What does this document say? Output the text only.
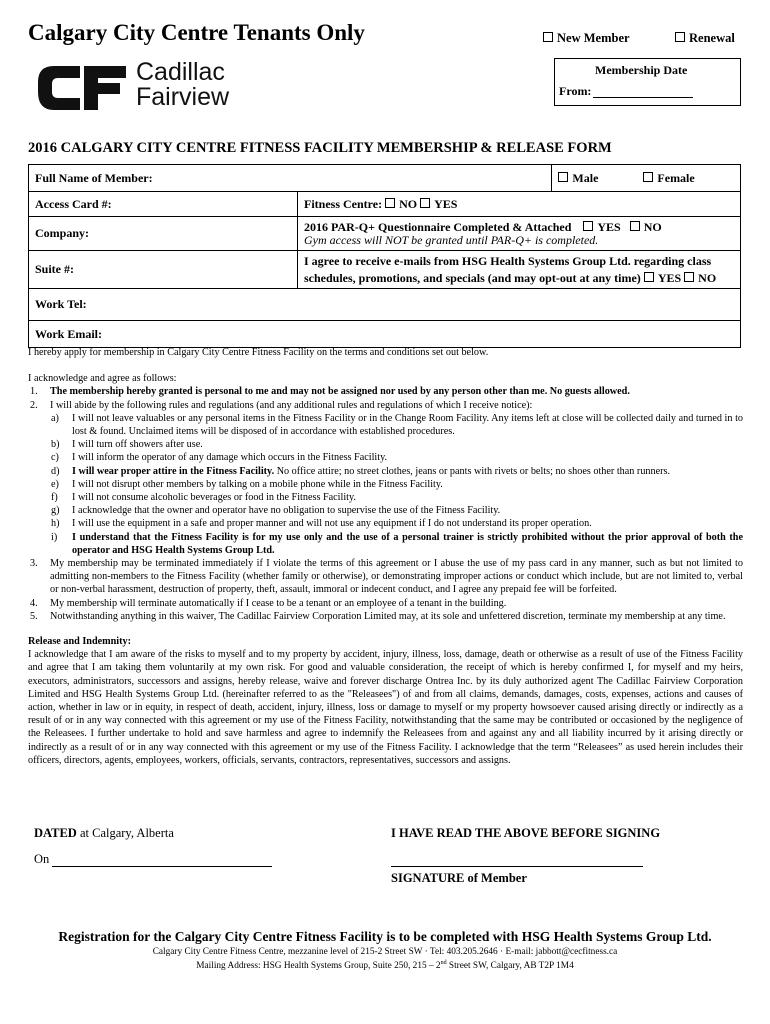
Calgary City Centre Tenants Only	New Member	Renewal
Cadillac
Fairview
Membership Date
From:
2016 CALGARY CITY CENTRE FITNESS FACILITY MEMBERSHIP & RELEASE FORM
Full Name of Member:		Male	Female
Access Card #:	Fitness Centre: NO YES		
Company:	2016 PAR-Q+ Questionnaire Completed & Attached YES NO
Gym access will NOT be granted until PAR-Q+ is completed.		
Suite #:	I agree to receive e-mails from HSG Health Systems Group Ltd. regarding class schedules, promotions, and specials (and may opt-out at any time) YES NO		
Work Tel:			
Work Email:			

I hereby apply for membership in Calgary City Centre Fitness Facility on the terms and conditions set out below.

I acknowledge and agree as follows:

1. The membership hereby granted is personal to me and may not be assigned nor used by any person other than me. No guests allowed.
2. I will abide by the following rules and regulations (and any additional rules and regulations of which I receive notice):
a) I will not leave valuables or any personal items in the Fitness Facility or in the Change Room Facility. Any items left at close will be collected daily and turned in to lost & found. Unclaimed items will be disposed of in accordance with established procedures.
b) I will turn off showers after use.
c) I will inform the operator of any damage which occurs in the Fitness Facility.
d) I will wear proper attire in the Fitness Facility. No office attire; no street clothes, jeans or pants with rivets or belts; no shoes other than runners.
e) I will not disrupt other members by talking on a mobile phone while in the Fitness Facility.
f) I will not consume alcoholic beverages or food in the Fitness Facility.
g) I acknowledge that the owner and operator have no obligation to supervise the use of the Fitness Facility.
h) I will use the equipment in a safe and proper manner and will not use any equipment if I do not understand its proper operation.
i) I understand that the Fitness Facility is for my use only and the use of a personal trainer is strictly prohibited without the prior approval of both the operator and HSG Health Systems Group Ltd.
3. My membership may be terminated immediately if I violate the terms of this agreement or I abuse the use of my pass card in any manner, such as but not limited to admitting non-members to the Fitness Facility (whether family or otherwise), or demonstrating improper actions or conduct which include, but are not limited to, verbal or non-verbal harassment, destruction of property, theft, assault, immoral or indecent conduct, and I agree any prepaid fee will be forfeited.
4. My membership will terminate automatically if I cease to be a tenant or an employee of a tenant in the building.
5. Notwithstanding anything in this waiver, The Cadillac Fairview Corporation Limited may, at its sole and unfettered discretion, terminate my membership at any time.

Release and Indemnity:

I acknowledge that I am aware of the risks to myself and to my property by accident, injury, illness, loss, damage, death or otherwise as a result of use of the Fitness Facility and agree that I am taking them voluntarily at my own risk. For good and valuable consideration, the receipt of which is hereby confirmed I, for myself and my heirs, executors, administrators, successors and assigns, hereby release, waive and forever discharge Ontrea Inc. by its duly authorized agent The Cadillac Fairview Corporation Limited and HSG Health Systems Group Ltd. (hereinafter referred to as the "Releasees") of and from all claims, demands, damages, costs, expenses, actions and causes of action, whether in law or in equity, in respect of death, accident, injury, illness, loss or damage to myself or my property howsoever caused arising directly or indirectly as a result of or in any way connected with this agreement or my use of the Fitness Facility, notwithstanding that the same may be contributed or occasioned by the negligence of the Releasees. I further undertake to hold and save harmless and agree to indemnify the Releasees from and against any and all liability incurred by it arising directly or indirectly as a result of or in any way connected with this agreement or my use of the Fitness Facility. I acknowledge that the term “Releasees” as used herein includes their officers, directors, agents, employees, workers, officials, servants, contractors, representatives, successors and assigns.

DATED at Calgary, Alberta
On
I HAVE READ THE ABOVE BEFORE SIGNING
SIGNATURE of Member
Registration for the Calgary City Centre Fitness Facility is to be completed with HSG Health Systems Group Ltd.
Calgary City Centre Fitness Centre, mezzanine level of 215-2 Street SW · Tel: 403.205.2646 · E-mail: jabbott@cecfitness.ca
Mailing Address: HSG Health Systems Group, Suite 250, 215 – 2nd Street SW, Calgary, AB T2P 1M4
